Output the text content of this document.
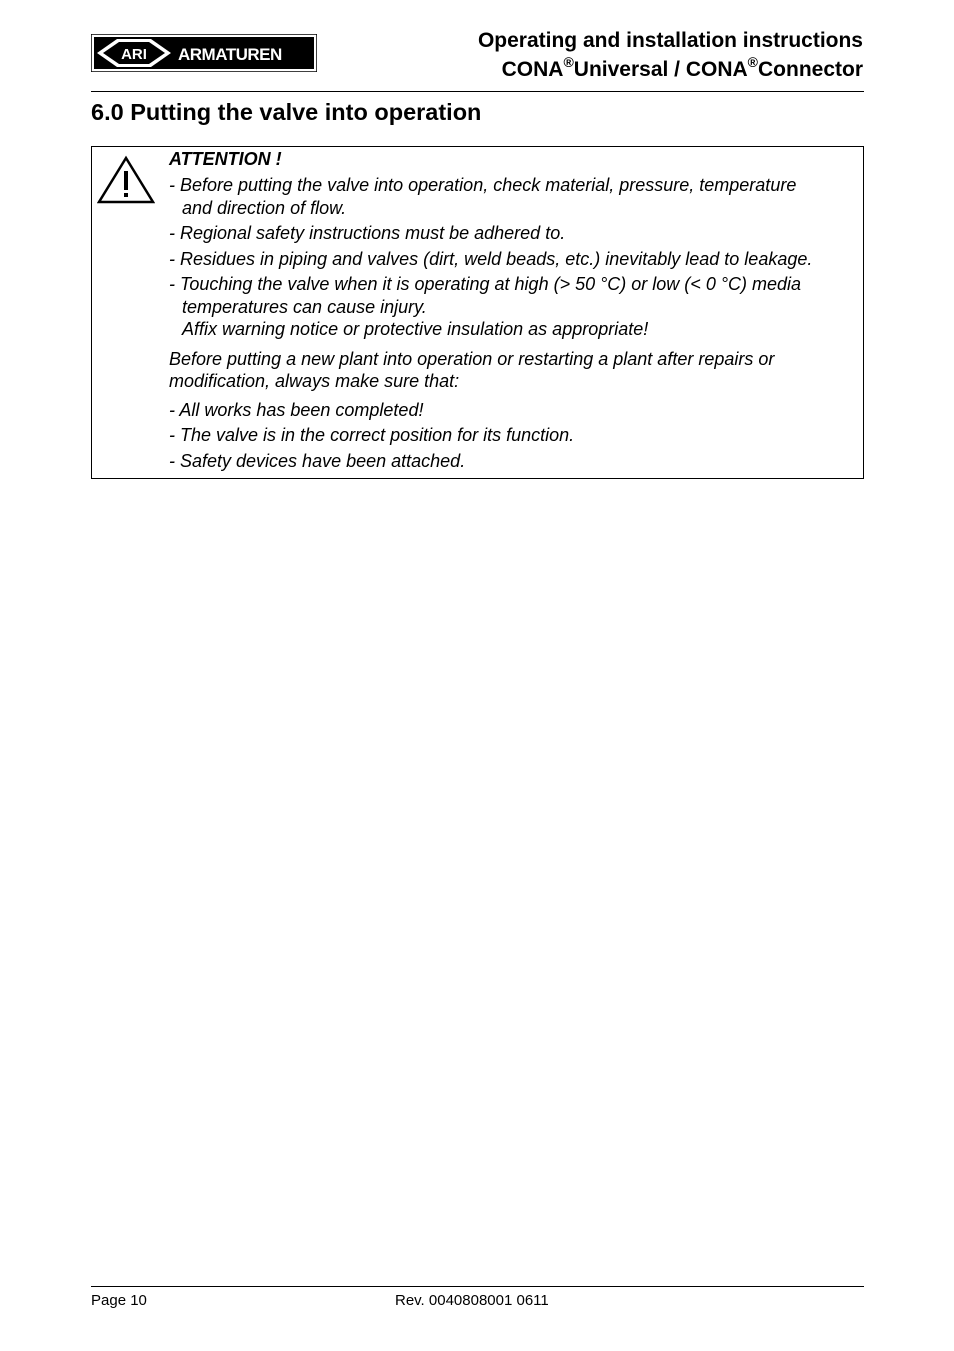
ARI ARMATUREN
Operating and installation instructions
CONA®Universal / CONA®Connector
6.0 Putting the valve into operation
ATTENTION !
- Before putting the valve into operation, check material, pressure, temperature
and direction of flow.
- Regional safety instructions must be adhered to.
- Residues in piping and valves (dirt, weld beads, etc.) inevitably lead to leakage.
- Touching the valve when it is operating at high (> 50 °C) or low (< 0 °C) media
temperatures can cause injury.
Affix warning notice or protective insulation as appropriate!
Before putting a new plant into operation or restarting a plant after repairs or modification, always make sure that:
- All works has been completed!
- The valve is in the correct position for its function.
- Safety devices have been attached.
Page 10	Rev. 0040808001 0611
